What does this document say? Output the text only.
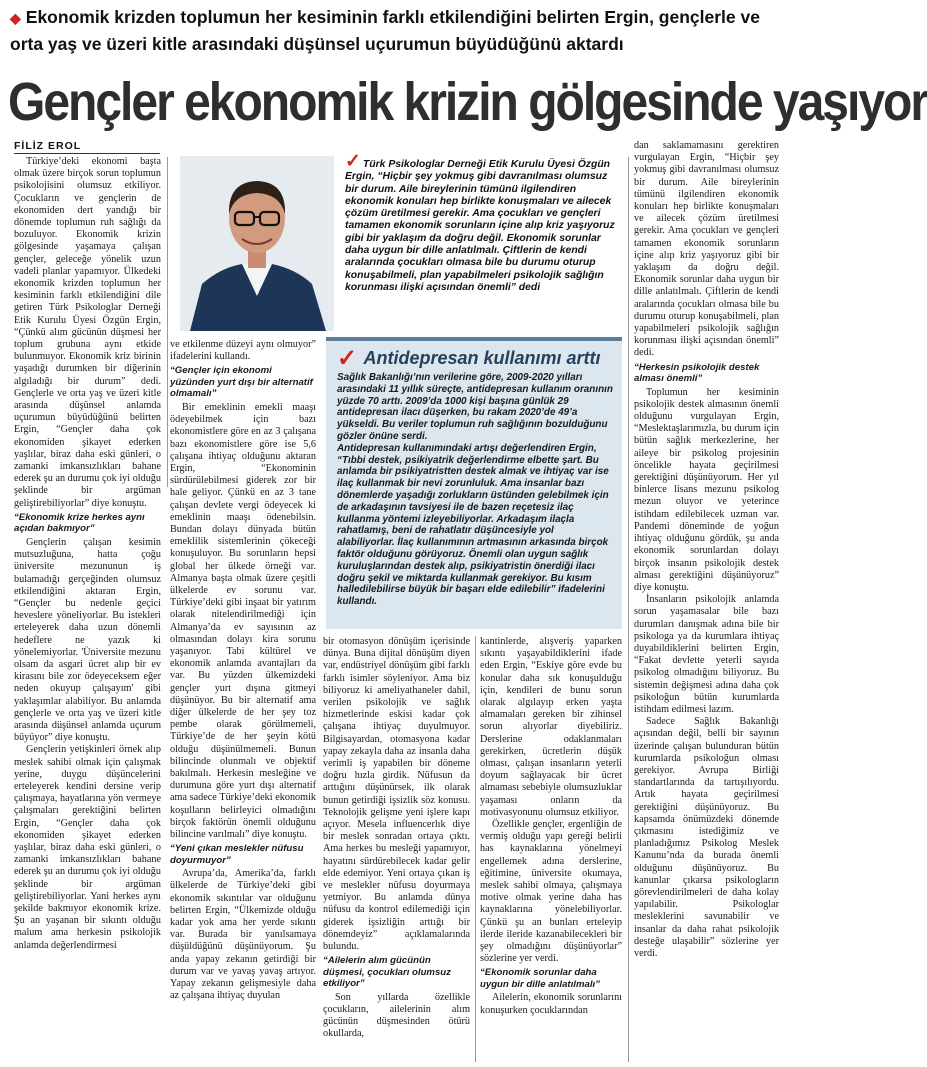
◆ Ekonomik krizden toplumun her kesiminin farklı etkilendiğini belirten Ergin, gençlerle ve orta yaş ve üzeri kitle arasındaki düşünsel uçurumun büyüdüğünü aktardı
Gençler ekonomik krizin gölgesinde yaşıyor
FİLİZ EROL

Türkiye’deki ekonomi başta olmak üzere birçok sorun toplumun psikolojisini olumsuz etkiliyor. Çocukların ve gençlerin de ekonomiden dert yandığı bir dönemde toplumun ruh sağlığı da bozuluyor. Ekonomik krizin gölgesinde yaşamaya çalışan gençler, geleceğe yönelik uzun vadeli planlar yapamıyor. Ülkedeki ekonomik krizden toplumun her kesiminin farklı etkilendiğini dile getiren Türk Psikologlar Derneği Etik Kurulu Üyesi Özgün Ergin, “Çünkü alım gücünün düşmesi her toplum grubuna aynı etkide bulunmuyor. Ekonomik kriz birinin yaşadığı durumken bir diğerinin algıladığı bir durum” dedi. Gençlerle ve orta yaş ve üzeri kitle arasında düşünsel anlamda uçurumun büyüdüğünü belirten Ergin, “Gençler daha çok ekonomiden şikayet ederken yaşlılar, biraz daha eski günleri, o zamanki imkansızlıkları bahane ederek şu an durumu çok iyi olduğu şeklinde bir argüman geliştirebiliyorlar” diye konuştu.

“Ekonomik krize herkes aynı açıdan bakmıyor”

Gençlerin çalışan kesimin mutsuzluğuna, hatta çoğu üniversite mezununun iş bulamadığı gerçeğinden olumsuz etkilendiğini aktaran Ergin, “Gençler bu nedenle geçici heveslere yöneliyorlar. Bu istekleri erteleyerek daha uzun dönemli hedeflere ne yazık ki yönelemiyorlar. 'Üniversite mezunu olsam da asgari ücret alıp bir ev kirasını bile zor ödeyeceksem eğer neden okuyup çalışayım' gibi yaklaşımlar alabiliyor. Bu anlamda gençlerle ve orta yaş ve üzeri kitle arasında düşünsel anlamda uçurum büyüyor” diye konuştu.

Gençlerin yetişkinleri örnek alıp meslek sahibi olmak için çalışmak yerine, duygu düşüncelerini erteleyerek kendini dersine verip çalışmaya, hayatlarına yön vermeye çalışmaları gerektiğini belirten Ergin, “Gençler daha çok ekonomiden şikayet ederken yaşlılar, biraz daha eski günleri, o zamanki imkansızlıkları bahane ederek şu an durumu çok iyi olduğu şeklinde bir argüman geliştirebiliyorlar. Yani herkes aynı şekilde bakmıyor ekonomik krize. Şu an yaşanan bir sıkıntı olduğu malum ama herkesin psikolojik anlamda değerlendirmesi

✓ Türk Psikologlar Derneği Etik Kurulu Üyesi Özgün Ergin, “Hiçbir şey yokmuş gibi davranılması olumsuz bir durum. Aile bireylerinin tümünü ilgilendiren ekonomik konuları hep birlikte konuşmaları ve ailecek çözüm üretilmesi gerekir. Ama çocukları ve gençleri tamamen ekonomik sorunların içine alıp kriz yaşıyoruz gibi bir yaklaşım da doğru değil. Ekonomik sorunlar daha uygun bir dille anlatılmalı. Çiftlerin de kendi aralarında çocukları olmasa bile bu durumu oturup konuşabilmeli, plan yapabilmeleri psikolojik sağlığın korunması ilişki açısından önemli” dedi
✓ Antidepresan kullanımı arttı

Sağlık Bakanlığı’nın verilerine göre, 2009-2020 yılları arasındaki 11 yıllık süreçte, antidepresan kullanım oranının yüzde 70 arttı. 2009’da 1000 kişi başına günlük 29 antidepresan ilacı düşerken, bu rakam 2020’de 49’a yükseldi. Bu veriler toplumun ruh sağlığının bozulduğunu gözler önüne serdi.

Antidepresan kullanımındaki artışı değerlendiren Ergin, “Tıbbi destek, psikiyatrik değerlendirme elbette şart. Bu anlamda bir psikiyatristten destek almak ve ihtiyaç var ise ilaç kullanmak bir nevi zorunluluk. Ama insanlar bazı dönemlerde yaşadığı zorlukların üstünden gelebilmek için de arkadaşının tavsiyesi ile de bazen reçetesiz ilaç kullanma yöntemi izleyebiliyorlar. Arkadaşım ilaçla rahatlamış, beni de rahatlatır düşüncesiyle yol alabiliyorlar. İlaç kullanımının artmasının arkasında birçok faktör olduğunu görüyoruz. Önemli olan uygun sağlık kuruluşlarından destek alıp, psikiyatristin önerdiği ilacı doğru şekil ve miktarda kullanmak gerekiyor. Bu kısım halledilebilirse büyük bir başarı elde edilebilir” ifadelerini kullandı.

ve etkilenme düzeyi aynı olmuyor” ifadelerini kullandı.

“Gençler için ekonomi yüzünden yurt dışı bir alternatif olmamalı”

Bir emeklinin emekli maaşı ödeyebilmek için bazı ekonomistlere göre en az 3 çalışana bazı ekonomistlere göre ise 5,6 çalışana ihtiyaç olduğunu aktaran Ergin, “Ekonominin sürdürülebilmesi giderek zor bir hale geliyor. Çünkü en az 3 tane çalışan devlete vergi ödeyecek ki emeklinin maaşı ödenebilsin. Bundan dolayı dünyada bütün emeklilik sistemlerinin çökeceği konuşuluyor. Bu sorunların hepsi global her ülkede örneği var. Almanya başta olmak üzere çeşitli ülkelerde ev sorunu var. Türkiye’deki gibi inşaat bir yatırım olarak nitelendirilmediği için Almanya’da ev sayısının az olmasından dolayı kira sorunu yaşanıyor. Tabi kültürel ve ekonomik anlamda avantajları da var. Bu yüzden ülkemizdeki gençler yurt dışına gitmeyi düşünüyor. Bu bir alternatif ama diğer ülkelerde de her şey toz pembe olarak görülmemeli, Türkiye’de de her şeyin kötü olduğu düşünülmemeli. Bunun bilincinde olunmalı ve objektif bakılmalı. Herkesin mesleğine ve durumuna göre yurt dışı alternatif ama sadece Türkiye’deki ekonomik koşulların belirleyici olmadığını birçok faktörün önemli olduğunu bilincine varılmalı” diye konuştu.

“Yeni çıkan meslekler nüfusu doyurmuyor”

Avrupa’da, Amerika’da, farklı ülkelerde de Türkiye’deki gibi ekonomik sıkıntılar var olduğunu belirten Ergin, “Ülkemizde olduğu kadar yok ama her yerde sıkıntı var. Burada bir yanılsamaya düşüldüğünü düşünüyorum. Şu anda yapay zekanın getirdiği bir durum var ve yavaş yavaş artıyor. Yapay zekanın gelişmesiyle daha az çalışana ihtiyaç duyulan

bir otomasyon dönüşüm içerisinde dünya. Buna dijital dönüşüm diyen var, endüstriyel dönüşüm gibi farklı farklı isimler söyleniyor. Ama biz biliyoruz ki ameliyathaneler dahil, verilen psikolojik ve sağlık hizmetlerinde eskisi kadar çok çalışana ihtiyaç duyulmuyor. Bilgisayardan, otomasyona kadar yapay zekayla daha az insanla daha verimli iş yapabilen bir döneme doğru hızla girdik. Nüfusun da arttığını düşünürsek, ilk olarak bunun getirdiği işsizlik söz konusu. Teknolojik gelişme yeni işlere kapı açıyor. Mesela influencerlık diye bir meslek sonradan ortaya çıktı. Ama herkes bu mesleği yapamıyor, hayatını sürdürebilecek kadar gelir elde edemiyor. Yeni ortaya çıkan iş ve meslekler nüfusu doyurmaya yetmiyor. Bu anlamda dünya nüfusu da kontrol edilemediği için giderek işsizliğin arttığı bir dönemdeyiz” açıklamalarında bulundu.

“Ailelerin alım gücünün düşmesi, çocukları olumsuz etkiliyor”

Son yıllarda özellikle çocukların, ailelerinin alım gücünün düşmesinden ötürü okullarda,

kantinlerde, alışveriş yaparken sıkıntı yaşayabildiklerini ifade eden Ergin, “Eskiye göre evde bu konular daha sık konuşulduğu için, kendileri de bunu sorun olarak algılayıp erken yaşta almamaları gereken bir zihinsel sorun alıyorlar diyebiliriz. Derslerine odaklanmaları gerekirken, ücretlerin düşük olması, çalışan insanların yeterli doyum sağlayacak bir ücret almaması sebebiyle olumsuzluklar yaşaması onların da motivasyonunu olumsuz etkiliyor.

Özellikle gençler, ergenliğin de vermiş olduğu yapı gereği belirli has kaynaklarına yönelmeyi engellemek adına derslerine, eğitimine, üniversite okumaya, meslek sahibi olmaya, çalışmaya motive olmak yerine daha has kaynaklarına yönelebiliyorlar. Çünkü şu an bunları erteleyip ilerde ileride kazanabilecekleri bir şey olmadığını düşünüyorlar” sözlerine yer verdi.

“Ekonomik sorunlar daha uygun bir dille anlatılmalı”

Ailelerin, ekonomik sorunlarını konuşurken çocuklarından

dan saklamamasını gerektiren vurgulayan Ergin, “Hiçbir şey yokmuş gibi davranılması olumsuz bir durum. Aile bireylerinin tümünü ilgilendiren ekonomik konuları hep birlikte konuşmaları ve ailecek çözüm üretilmesi gerekir. Ama çocukları ve gençleri tamamen ekonomik sorunların içine alıp kriz yaşıyoruz gibi bir yaklaşım da doğru değil. Ekonomik sorunlar daha uygun bir dille anlatılmalı. Çiftlerin de kendi aralarında çocukları olmasa bile bu durumu oturup konuşabilmeli, plan yapabilmeleri psikolojik sağlığın korunması ilişki açısından önemli” dedi.

“Herkesin psikolojik destek alması önemli”

Toplumun her kesiminin psikolojik destek almasının önemli olduğunu vurgulayan Ergin, “Meslektaşlarımızla, bu durum için bütün sağlık merkezlerine, her aileye bir psikolog projesinin öncelikle hayata geçirilmesi gerektiğini düşünüyorum. Her yıl binlerce lisans mezunu psikolog mezun oluyor ve yeterince istihdam edilebilecek uzman var. Pandemi döneminde de yoğun ihtiyaç olduğunu gördük, şu anda ekonomik sorunlardan dolayı birçok insanın psikolojik destek alması gerektiğini düşünüyoruz” diye konuştu.

İnsanların psikolojik anlamda sorun yaşamasalar bile bazı durumları danışmak adına bile bir psikologa ya da kurumlara ihtiyaç duyabildiklerini belirten Ergin, “Fakat devlette yeterli sayıda psikolog olmadığını biliyoruz. Bu sistemin değişmesi adına daha çok psikoloğun bütün kurumlarda istihdam edilmesi lazım.

Sadece Sağlık Bakanlığı açısından değil, belli bir sayının üzerinde çalışan bulunduran bütün kurumlarda psikoloğun olması gerekiyor. Avrupa Birliği standartlarında da tartışılıyordu. Artık hayata geçirilmesi gerektiğini düşünüyoruz. Bu kapsamda önümüzdeki dönemde çıkmasını istediğimiz ve planladığımız Psikolog Meslek Kanunu’nda da burada önemli olduğunu düşünüyoruz. Bu kanunlar çıkarsa psikologların görevlendirilmeleri de daha kolay yapılabilir. Psikologlar mesleklerini savunabilir ve insanlar da daha rahat psikolojik desteğe ulaşabilir” sözlerine yer verdi.
